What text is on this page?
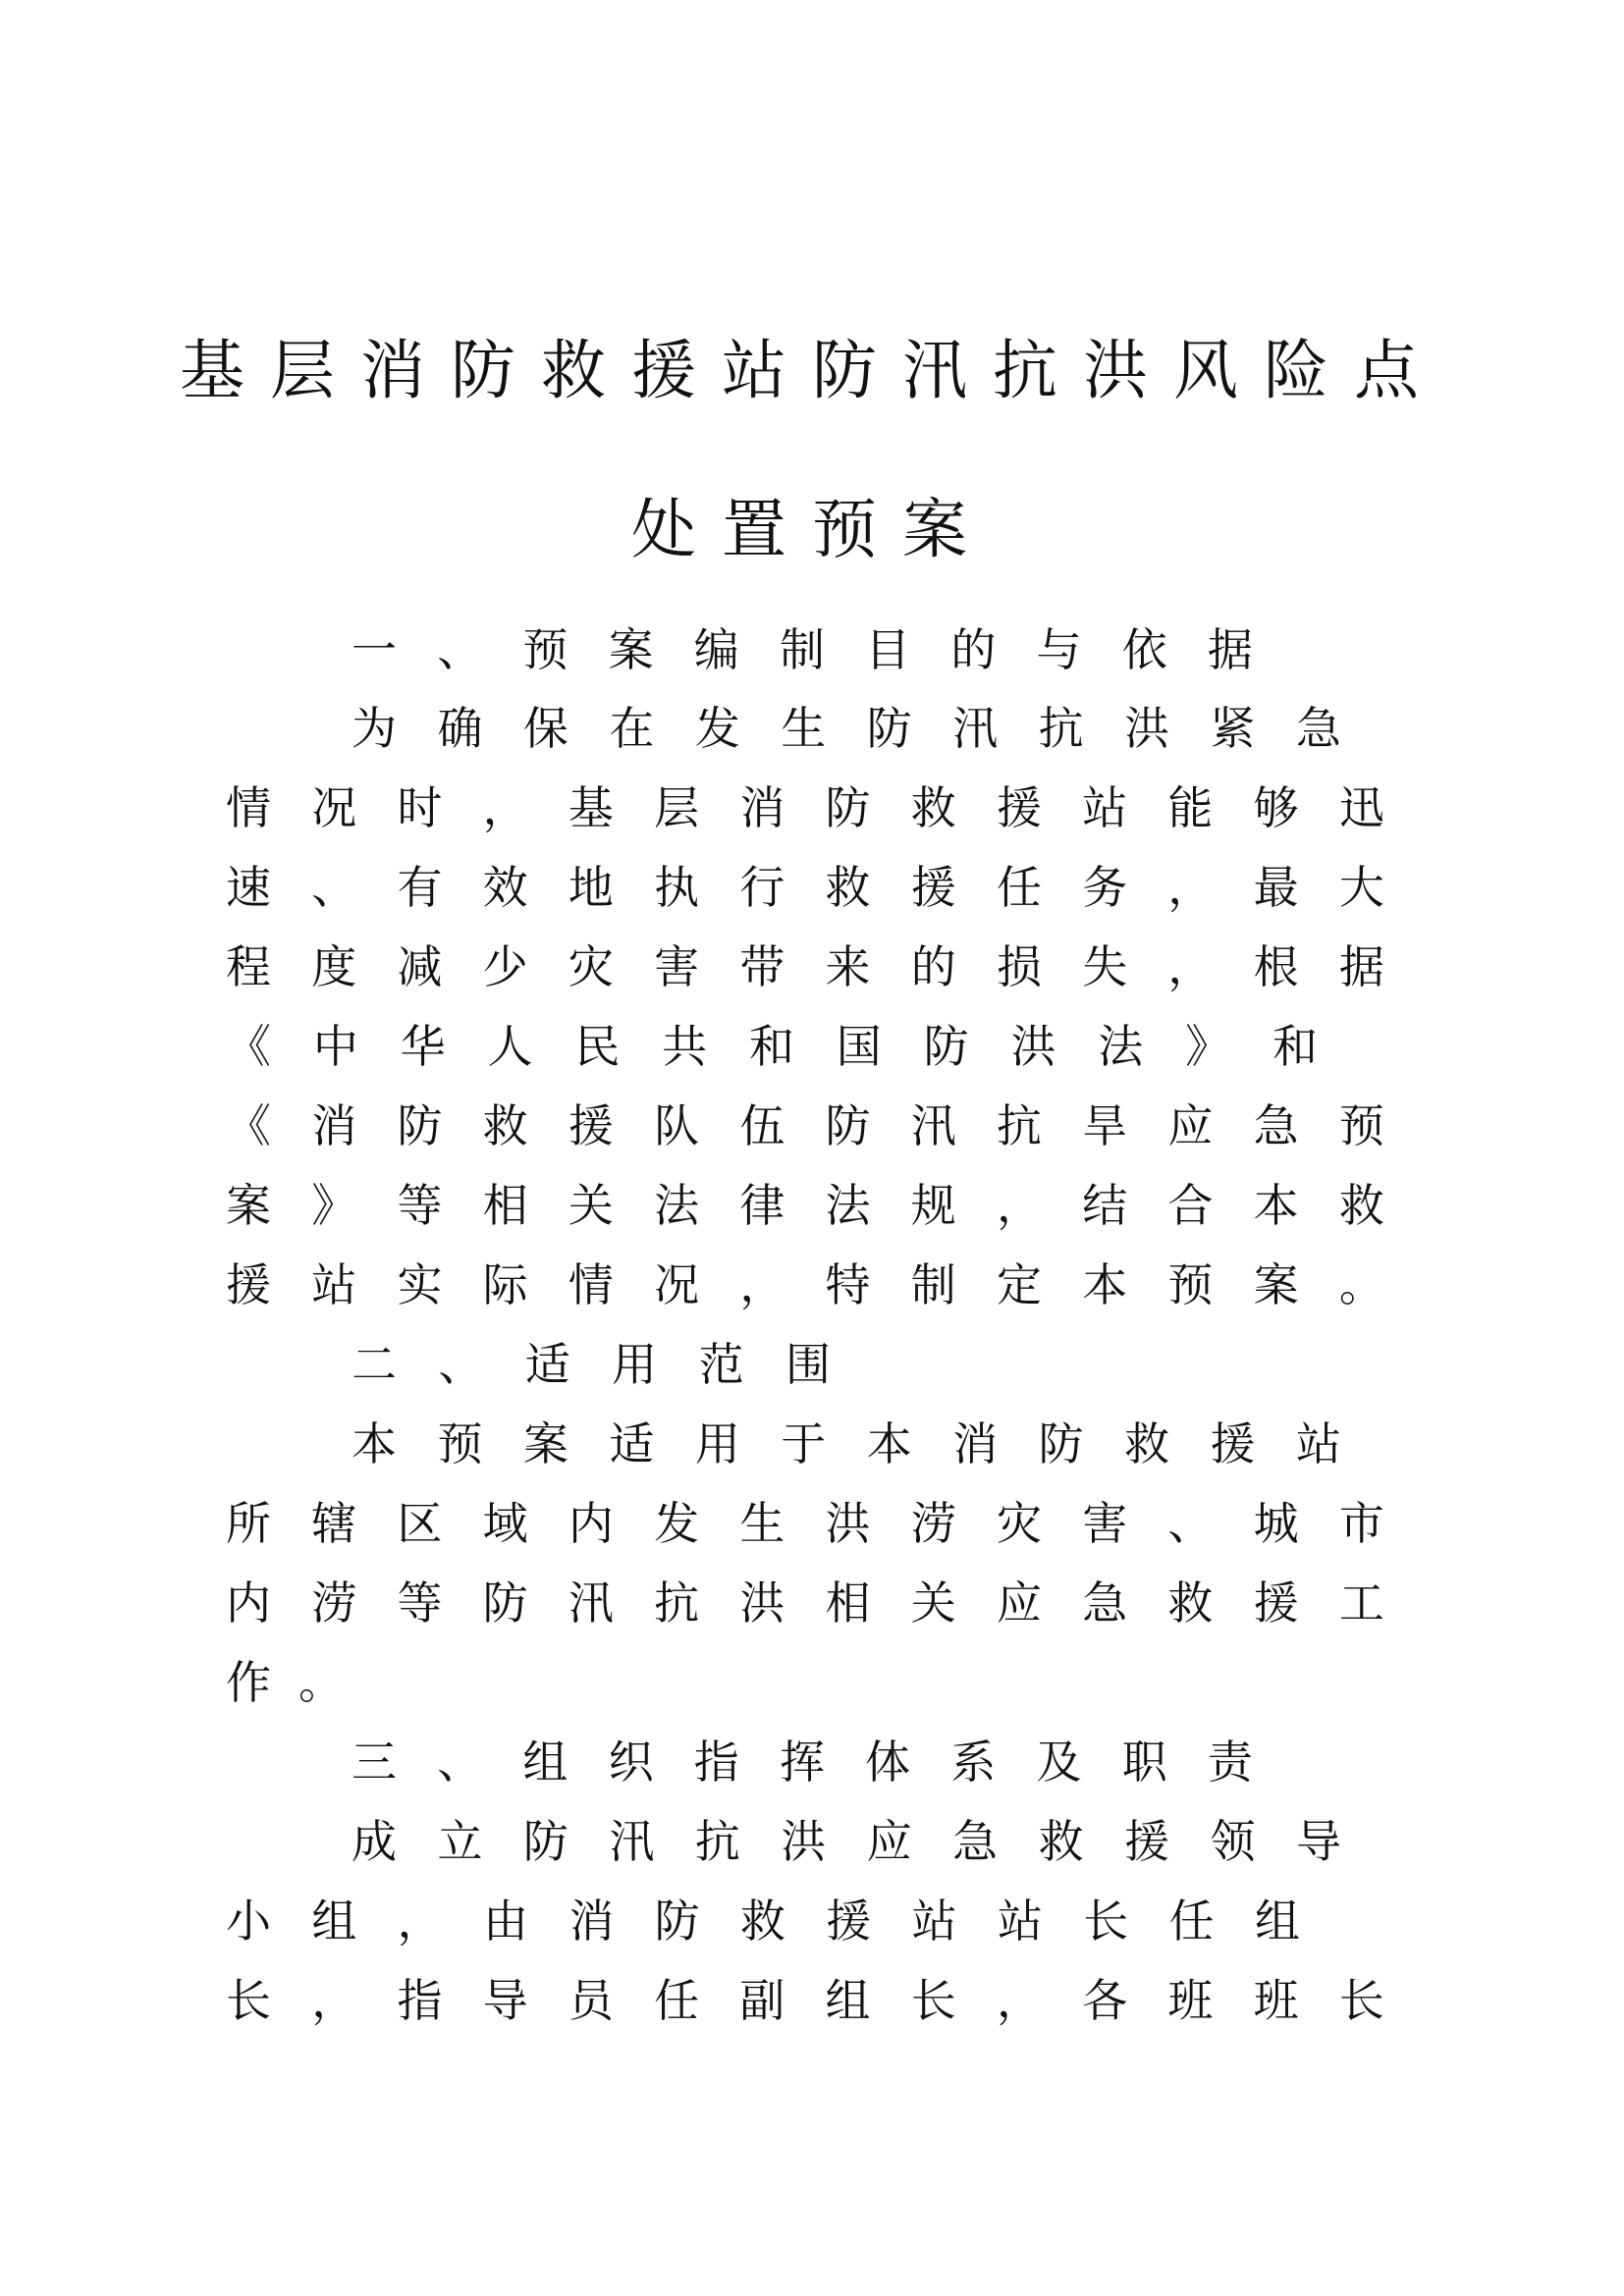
基层消防救援站防汛抗洪风险点
处置预案
一 、 预 案 编 制 目 的 与 依 据
为 确 保 在 发 生 防 汛 抗 洪 紧 急
情 况 时 ， 基 层 消 防 救 援 站 能 够 迅
速 、 有 效 地 执 行 救 援 任 务 ， 最 大
程 度 减 少 灾 害 带 来 的 损 失 ， 根 据
《 中 华 人 民 共 和 国 防 洪 法 》 和
《 消 防 救 援 队 伍 防 汛 抗 旱 应 急 预
案 》 等 相 关 法 律 法 规 ， 结 合 本 救
援 站 实 际 情 况 ， 特 制 定 本 预 案 。
二 、 适 用 范 围
本 预 案 适 用 于 本 消 防 救 援 站
所 辖 区 域 内 发 生 洪 涝 灾 害 、 城 市
内 涝 等 防 汛 抗 洪 相 关 应 急 救 援 工
作 。
三 、 组 织 指 挥 体 系 及 职 责
成 立 防 汛 抗 洪 应 急 救 援 领 导
小 组 ， 由 消 防 救 援 站 站 长 任 组
长 ， 指 导 员 任 副 组 长 ， 各 班 班 长
